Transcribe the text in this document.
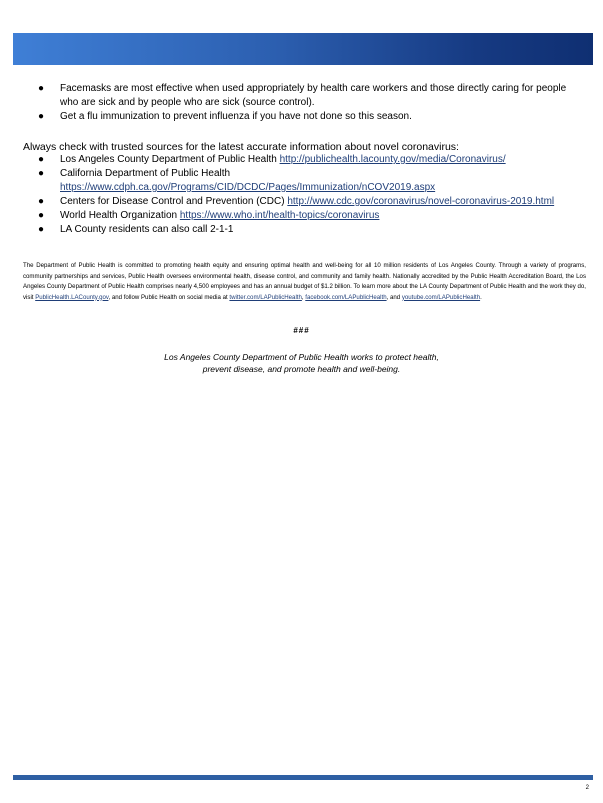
●	Facemasks are most effective when used appropriately by health care workers and those directly caring for people who are sick and by people who are sick (source control).
●	Get a flu immunization to prevent influenza if you have not done so this season.
Always check with trusted sources for the latest accurate information about novel coronavirus:
●	Los Angeles County Department of Public Health http://publichealth.lacounty.gov/media/Coronavirus/
●	California Department of Public Health https://www.cdph.ca.gov/Programs/CID/DCDC/Pages/Immunization/nCOV2019.aspx
●	Centers for Disease Control and Prevention (CDC) http://www.cdc.gov/coronavirus/novel-coronavirus-2019.html
●	World Health Organization https://www.who.int/health-topics/coronavirus
●	LA County residents can also call 2-1-1
The Department of Public Health is committed to promoting health equity and ensuring optimal health and well-being for all 10 million residents of Los Angeles County. Through a variety of programs, community partnerships and services, Public Health oversees environmental health, disease control, and community and family health. Nationally accredited by the Public Health Accreditation Board, the Los Angeles County Department of Public Health comprises nearly 4,500 employees and has an annual budget of $1.2 billion. To learn more about the LA County Department of Public Health and the work they do, visit PublicHealth.LACounty.gov, and follow Public Health on social media at twitter.com/LAPublicHealth, facebook.com/LAPublicHealth, and youtube.com/LAPublicHealth.
###
Los Angeles County Department of Public Health works to protect health,
prevent disease, and promote health and well-being.
2
